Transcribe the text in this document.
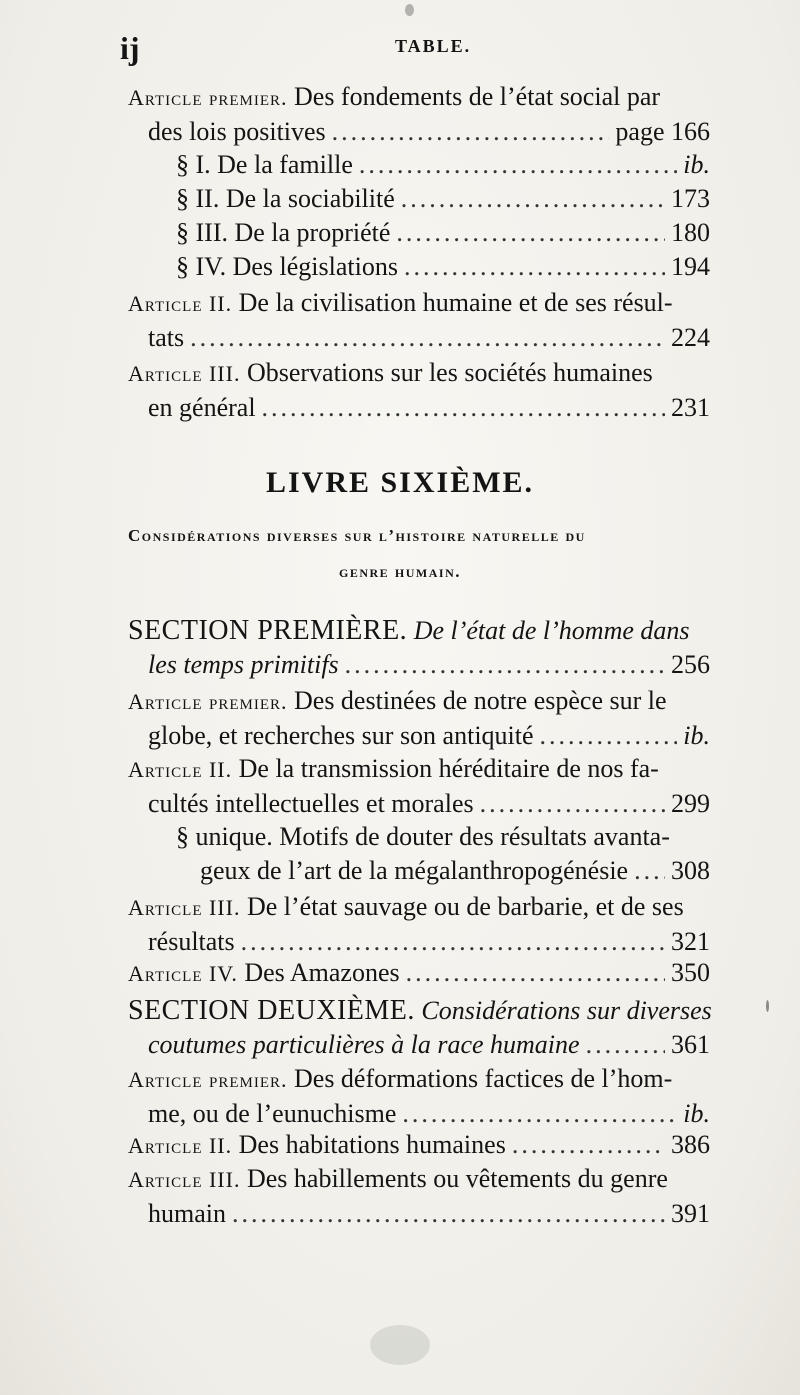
ij	TABLE.
Article premier.
Des fondements de l’état social par
des lois positives .....	page 166
§ I. De la famille .....	ib.
§ II. De la sociabilité .....	173
§ III. De la propriété .....	180
§ IV. Des législations .....	194
Article II.
De la civilisation humaine et de ses résul-
tats .....	224
Article III.
Observations sur les sociétés humaines
en général .....	231
LIVRE SIXIÈME.
Considérations diverses sur l’histoire naturelle du
genre humain.
SECTION PREMIÈRE.
De l’état de l’homme dans
les temps primitifs .....	256
Article premier.
Des destinées de notre espèce sur le
globe, et recherches sur son antiquité .....	ib.
Article II.
De la transmission héréditaire de nos fa-
cultés intellectuelles et morales .....	299
§ unique. Motifs de douter des résultats avanta-
geux de l’art de la mégalanthropogénésie ..... 308
Article III.
De l’état sauvage ou de barbarie, et de ses
résultats .....	321
Article IV.
Des Amazones .....	350
SECTION DEUXIÈME.
Considérations sur diverses
coutumes particulières à la race humaine .....	361
Article premier.
Des déformations factices de l’hom-
me, ou de l’eunuchisme .....	ib.
Article II.
Des habitations humaines .....	386
Article III.
Des habillements ou vêtements du genre
humain .....	391
